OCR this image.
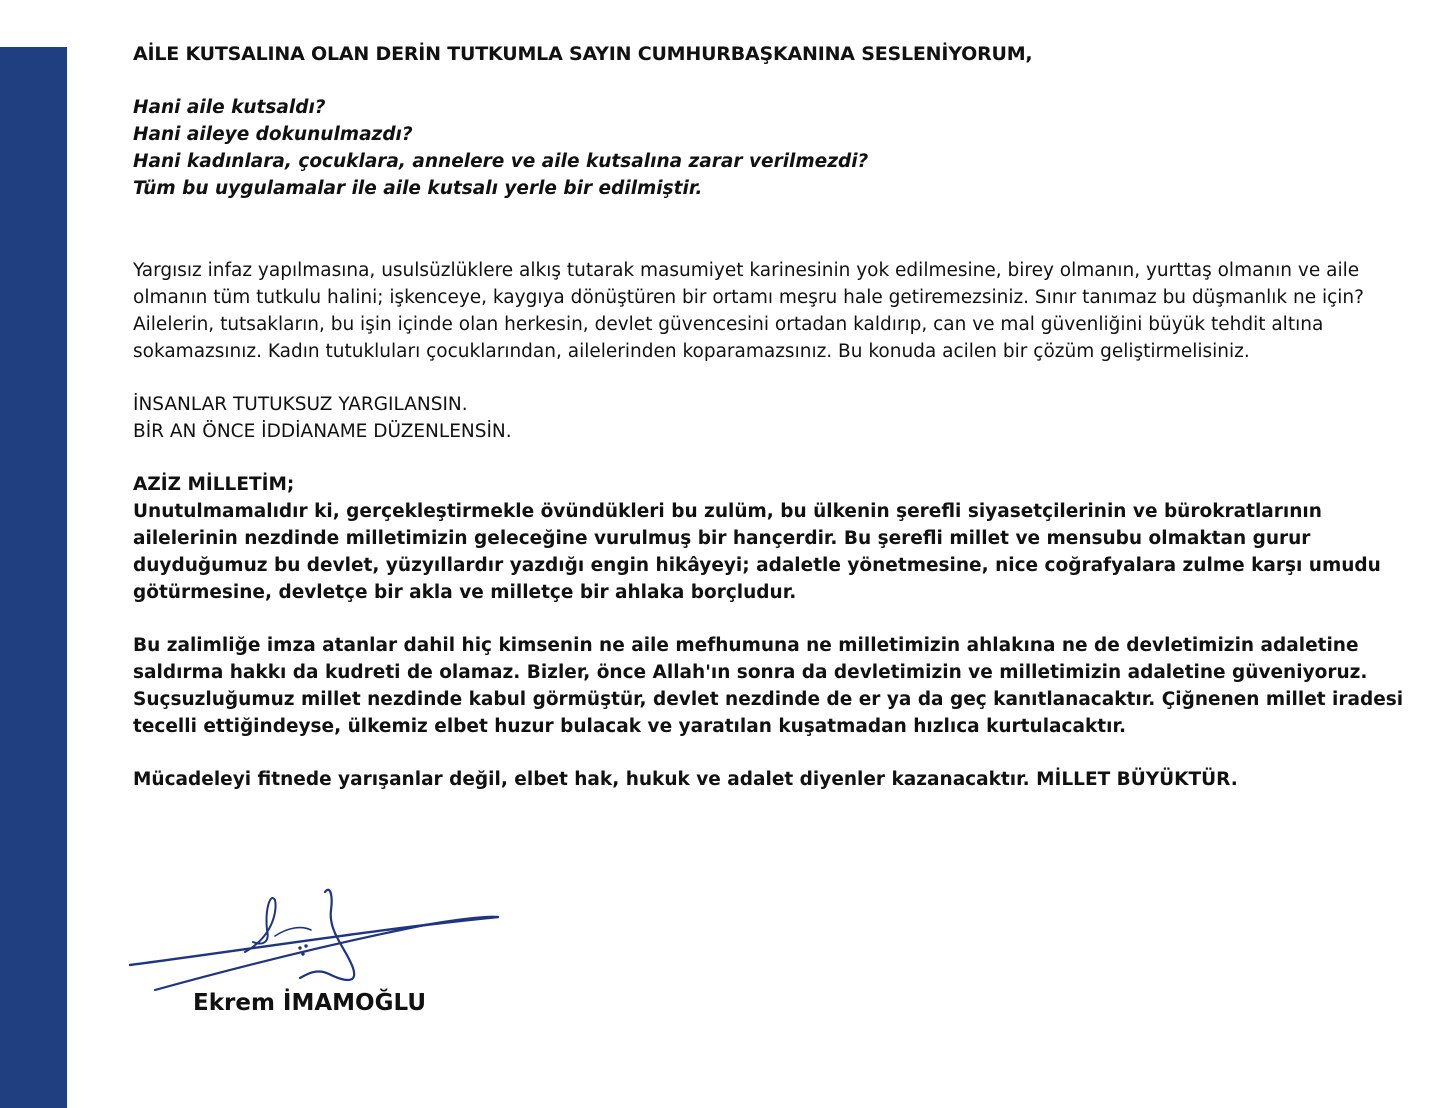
AİLE KUTSALINA OLAN DERİN TUTKUMLA SAYIN CUMHURBAŞKANINA SESLENİYORUM,

Hani aile kutsaldı?
Hani aileye dokunulmazdı?
Hani kadınlara, çocuklara, annelere ve aile kutsalına zarar verilmezdi?
Tüm bu uygulamalar ile aile kutsalı yerle bir edilmiştir.

Yargısız infaz yapılmasına, usulsüzlüklere alkış tutarak masumiyet karinesinin yok edilmesine, birey olmanın, yurttaş olmanın ve aile olmanın tüm tutkulu halini; işkenceye, kaygıya dönüştüren bir ortamı meşru hale getiremezsiniz. Sınır tanımaz bu düşmanlık ne için? Ailelerin, tutsakların, bu işin içinde olan herkesin, devlet güvencesini ortadan kaldırıp, can ve mal güvenliğini büyük tehdit altına sokamazsınız. Kadın tutukluları çocuklarından, ailelerinden koparamazsınız. Bu konuda acilen bir çözüm geliştirmelisiniz.

İNSANLAR TUTUKSUZ YARGILANSIN.
BİR AN ÖNCE İDDİANAME DÜZENLENSİN.
AZİZ MİLLETİM;
Unutulmamalıdır ki, gerçekleştirmekle övündükleri bu zulüm, bu ülkenin şerefli siyasetçilerinin ve bürokratlarının ailelerinin nezdinde milletimizin geleceğine vurulmuş bir hançerdir. Bu şerefli millet ve mensubu olmaktan gurur duyduğumuz bu devlet, yüzyıllardır yazdığı engin hikâyeyi; adaletle yönetmesine, nice coğrafyalara zulme karşı umudu götürmesine, devletçe bir akla ve milletçe bir ahlaka borçludur.

Bu zalimliğe imza atanlar dahil hiç kimsenin ne aile mefhumuna ne milletimizin ahlakına ne de devletimizin adaletine saldırma hakkı da kudreti de olamaz. Bizler, önce Allah'ın sonra da devletimizin ve milletimizin adaletine güveniyoruz. Suçsuzluğumuz millet nezdinde kabul görmüştür, devlet nezdinde de er ya da geç kanıtlanacaktır. Çiğnenen millet iradesi tecelli ettiğindeyse, ülkemiz elbet huzur bulacak ve yaratılan kuşatmadan hızlıca kurtulacaktır.

Mücadeleyi fitnede yarışanlar değil, elbet hak, hukuk ve adalet diyenler kazanacaktır. MİLLET BÜYÜKTÜR.

Ekrem İMAMOĞLU
